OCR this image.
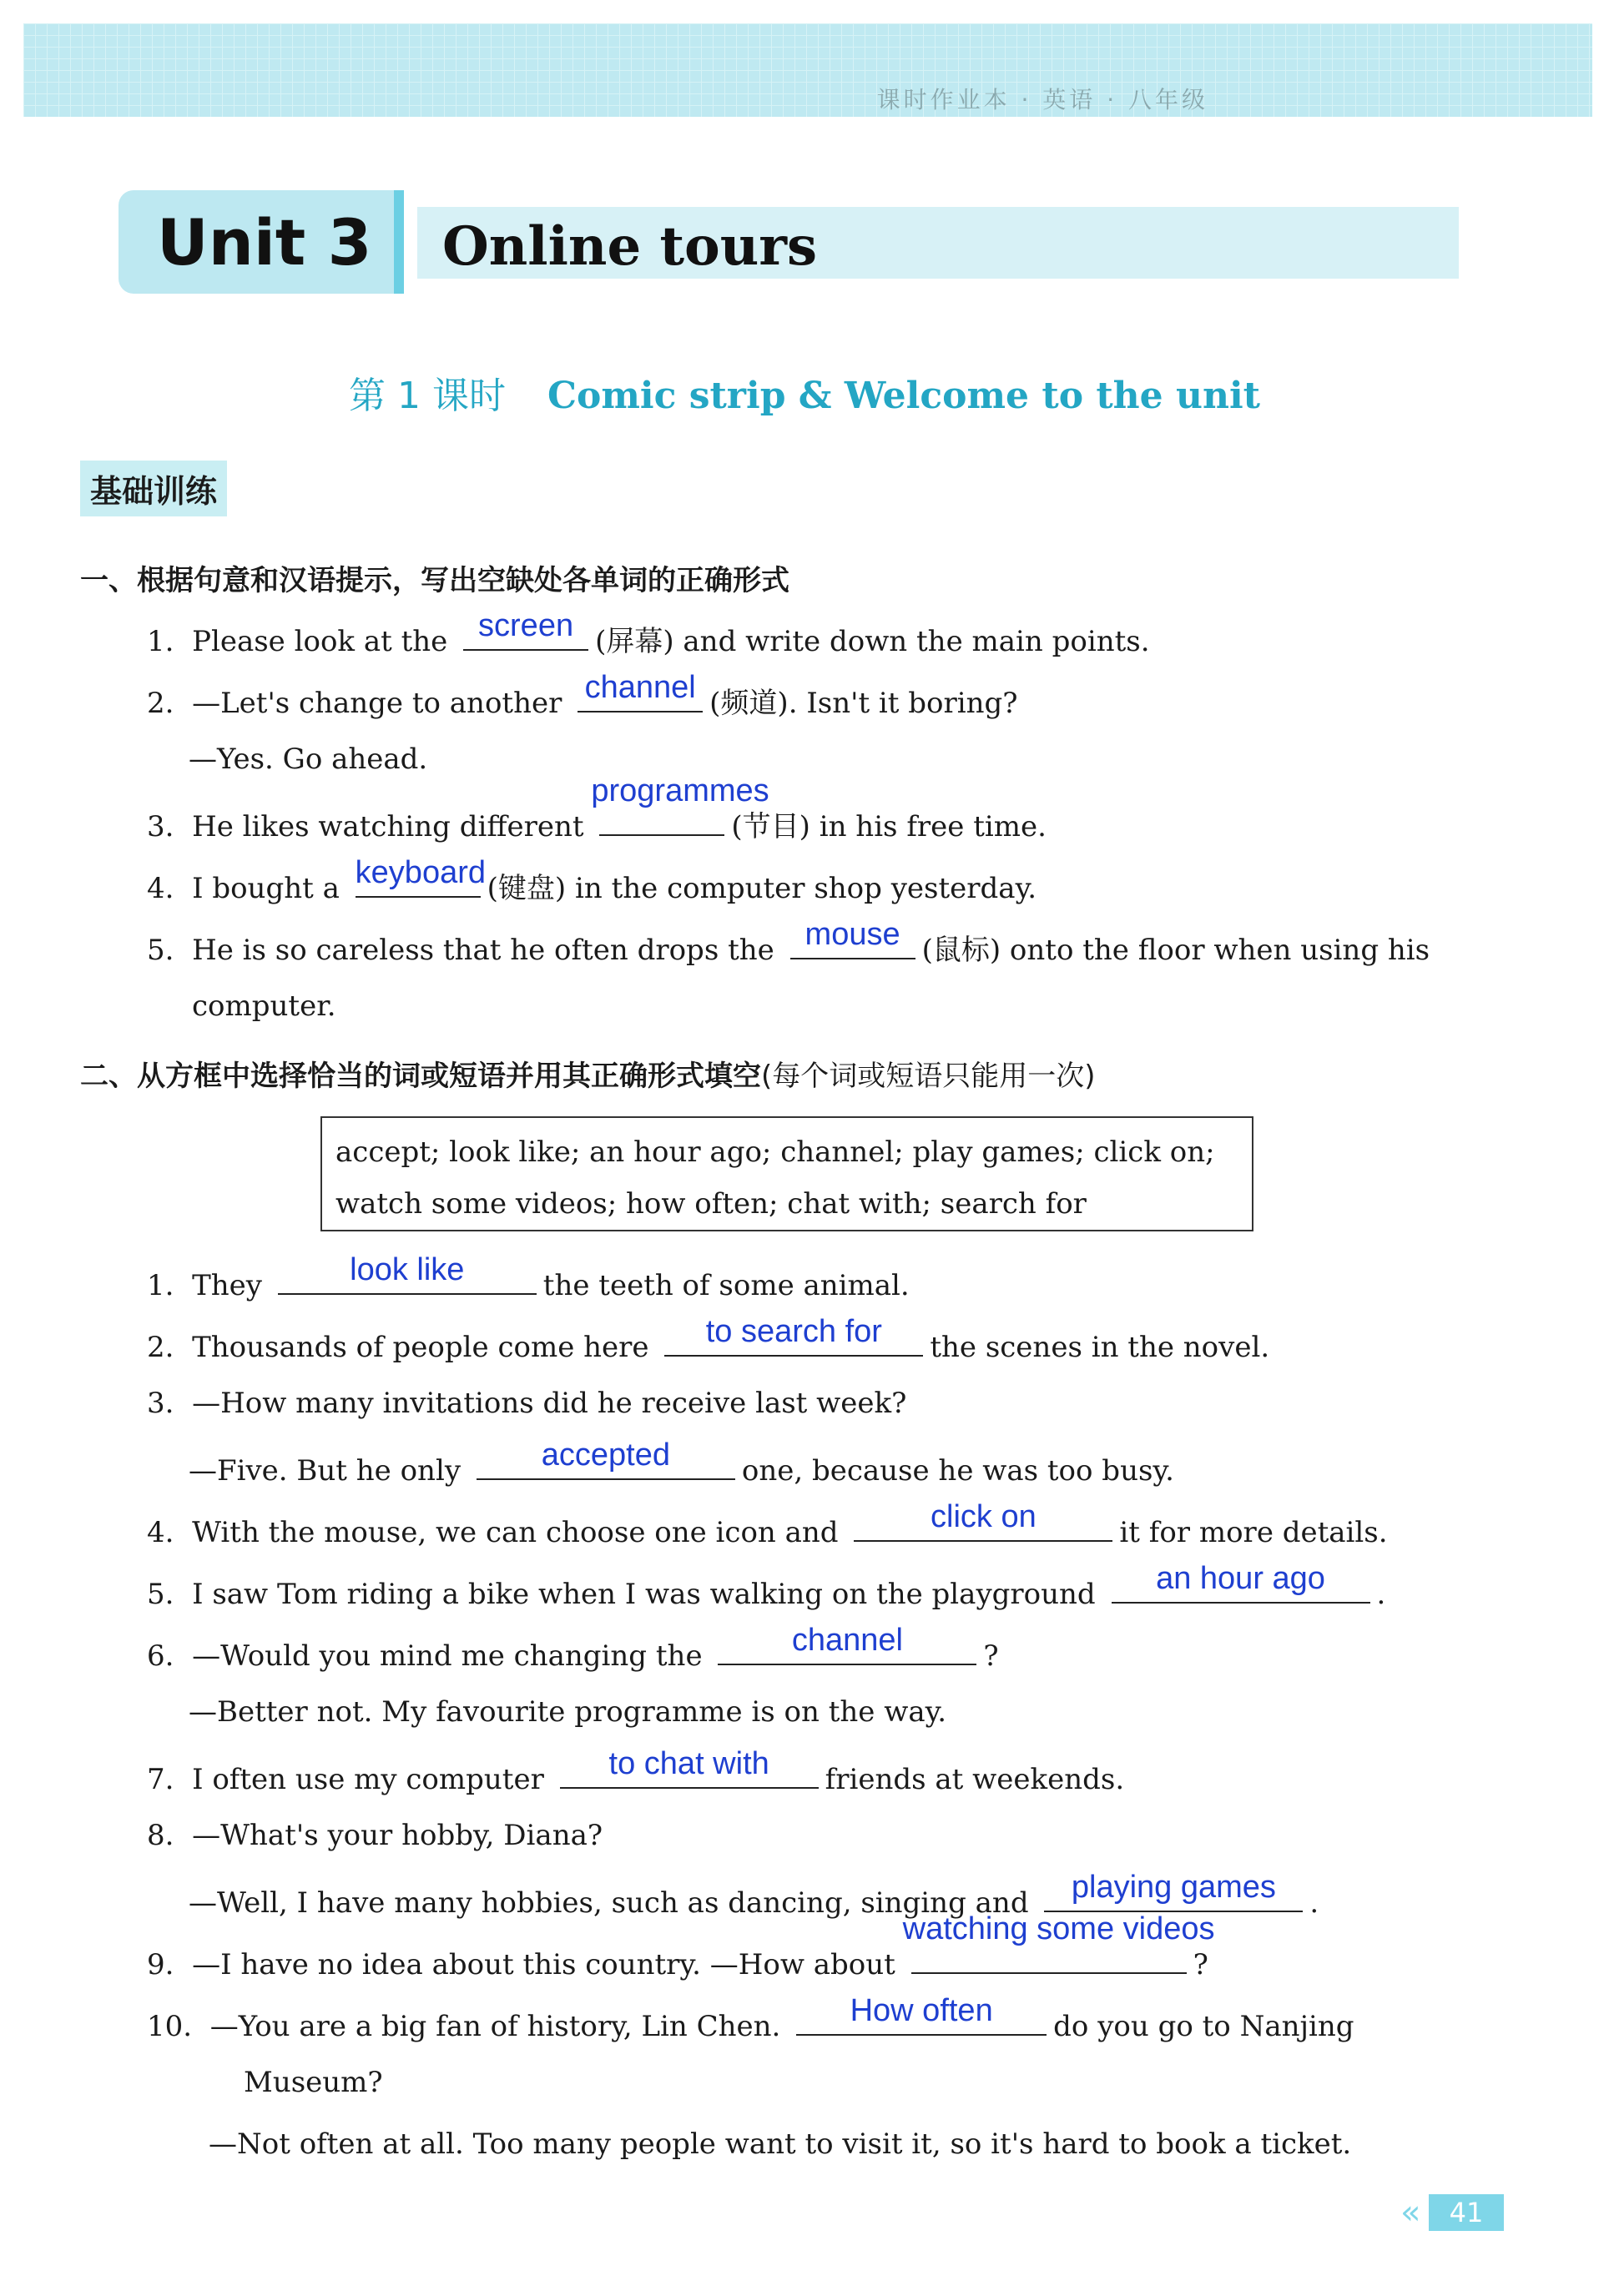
课时作业本 · 英语 · 八年级
Unit 3 Online tours
第 1 课时 Comic strip & Welcome to the unit
基础训练
一、根据句意和汉语提示，写出空缺处各单词的正确形式
1. Please look at the screen (屏幕) and write down the main points.
2. —Let's change to another channel (频道). Isn't it boring?
—Yes. Go ahead.
3. He likes watching different
programmes
(节目) in his free time.
4. I bought a keyboard (键盘) in the computer shop yesterday.
5. He is so careless that he often drops the mouse (鼠标) onto the floor when using his
computer.
二、从方框中选择恰当的词或短语并用其正确形式填空(每个词或短语只能用一次)
accept; look like; an hour ago; channel; play games; click on;
watch some videos; how often; chat with; search for
1. They	look like	the teeth of some animal.
2. Thousands of people come here	to search for	the scenes in the novel.
3. —How many invitations did he receive last week?
—Five. But he only	accepted	one, because he was too busy.
4. With the mouse, we can choose one icon and	click on	it for more details.
5. I saw Tom riding a bike when I was walking on the playground	an hour ago	.
6. —Would you mind me changing the	channel	?
—Better not. My favourite programme is on the way.
7. I often use my computer	to chat with	friends at weekends.
8. —What's your hobby, Diana?
—Well, I have many hobbies, such as dancing, singing and	playing games	.
9. —I have no idea about this country. —How about
watching some videos
?
10. —You are a big fan of history, Lin Chen.	How often	do you go to Nanjing
Museum?
—Not often at all. Too many people want to visit it, so it's hard to book a ticket.
« 41
